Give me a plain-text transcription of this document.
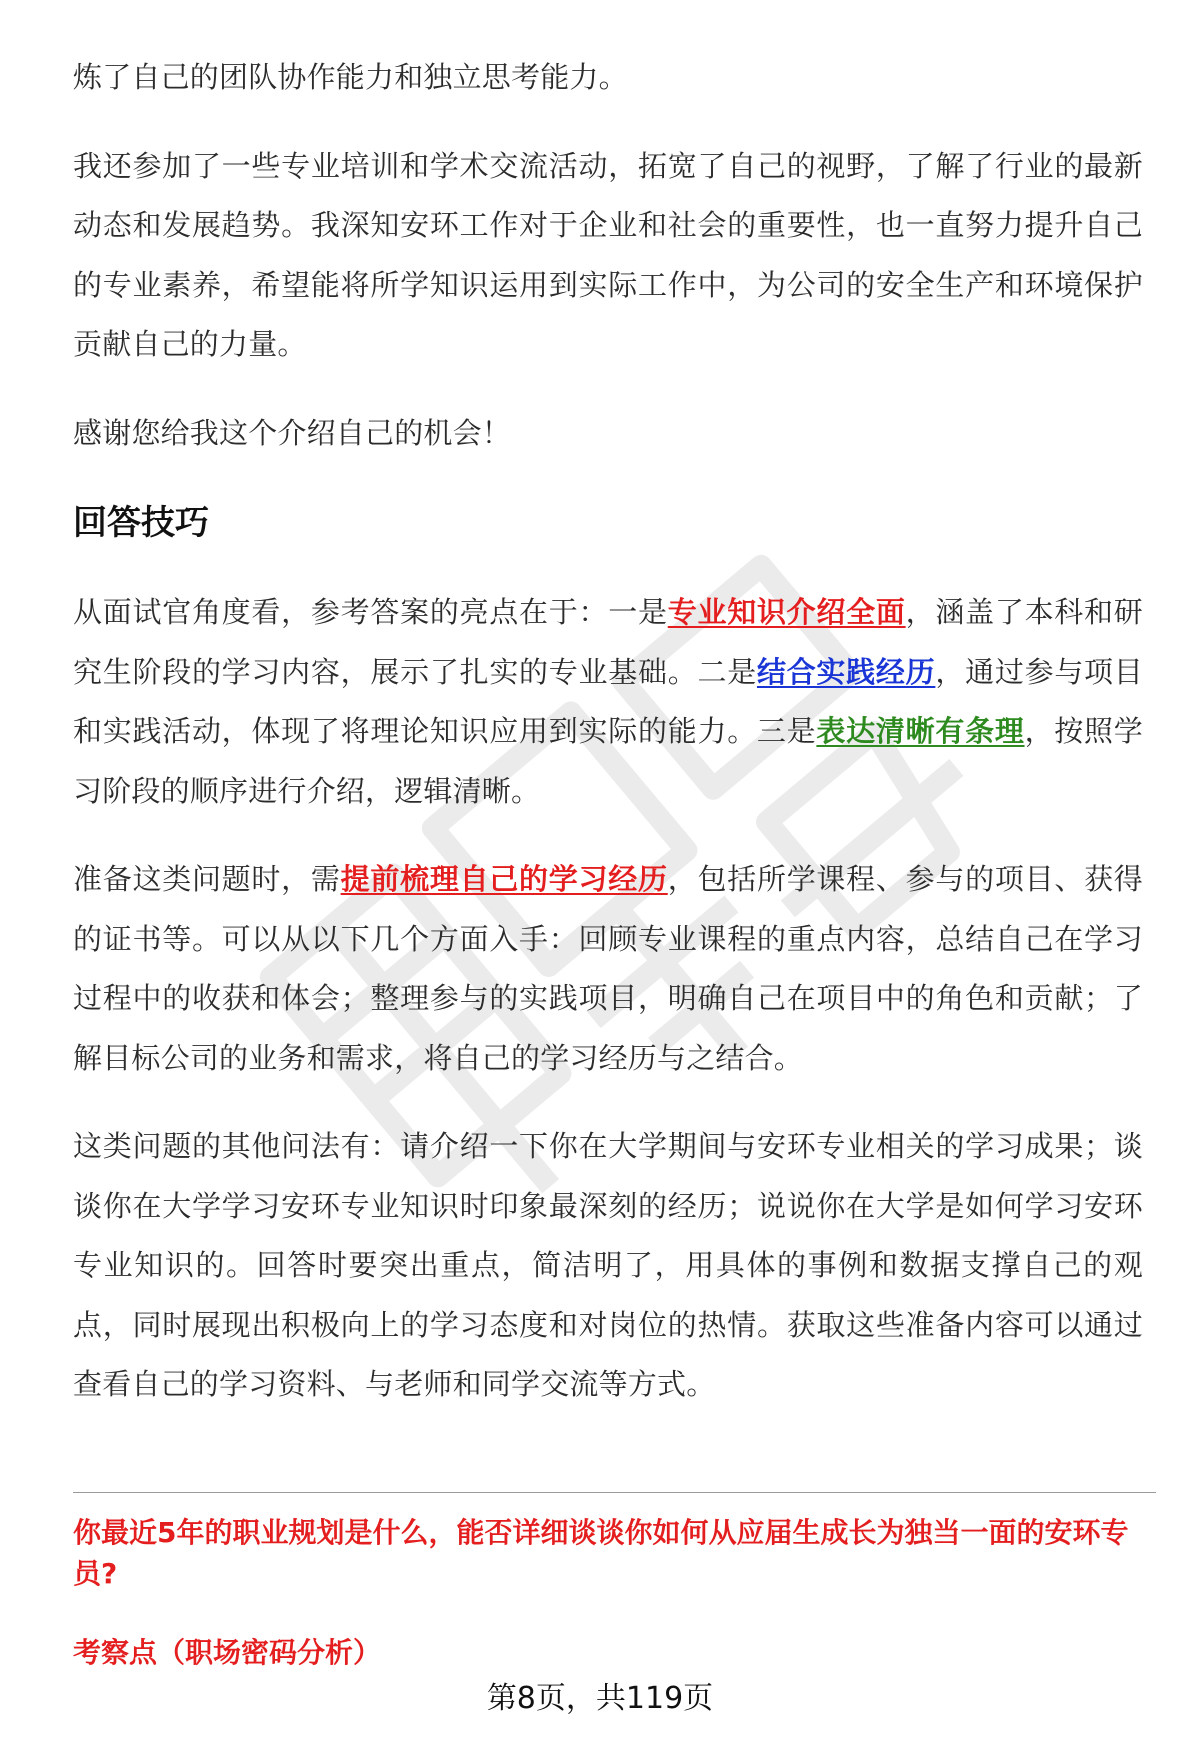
炼了自己的团队协作能力和独立思考能力。

我还参加了一些专业培训和学术交流活动，拓宽了自己的视野，了解了行业的最新动态和发展趋势。我深知安环工作对于企业和社会的重要性，也一直努力提升自己的专业素养，希望能将所学知识运用到实际工作中，为公司的安全生产和环境保护贡献自己的力量。

感谢您给我这个介绍自己的机会！

回答技巧

从面试官角度看，参考答案的亮点在于：一是专业知识介绍全面，涵盖了本科和研究生阶段的学习内容，展示了扎实的专业基础。二是结合实践经历，通过参与项目和实践活动，体现了将理论知识应用到实际的能力。三是表达清晰有条理，按照学习阶段的顺序进行介绍，逻辑清晰。

准备这类问题时，需提前梳理自己的学习经历，包括所学课程、参与的项目、获得的证书等。可以从以下几个方面入手：回顾专业课程的重点内容，总结自己在学习过程中的收获和体会；整理参与的实践项目，明确自己在项目中的角色和贡献；了解目标公司的业务和需求，将自己的学习经历与之结合。

这类问题的其他问法有：请介绍一下你在大学期间与安环专业相关的学习成果；谈谈你在大学学习安环专业知识时印象最深刻的经历；说说你在大学是如何学习安环专业知识的。回答时要突出重点，简洁明了，用具体的事例和数据支撑自己的观点，同时展现出积极向上的学习态度和对岗位的热情。获取这些准备内容可以通过查看自己的学习资料、与老师和同学交流等方式。

你最近5年的职业规划是什么，能否详细谈谈你如何从应届生成长为独当一面的安环专员?
考察点（职场密码分析）
第8页，共119页
